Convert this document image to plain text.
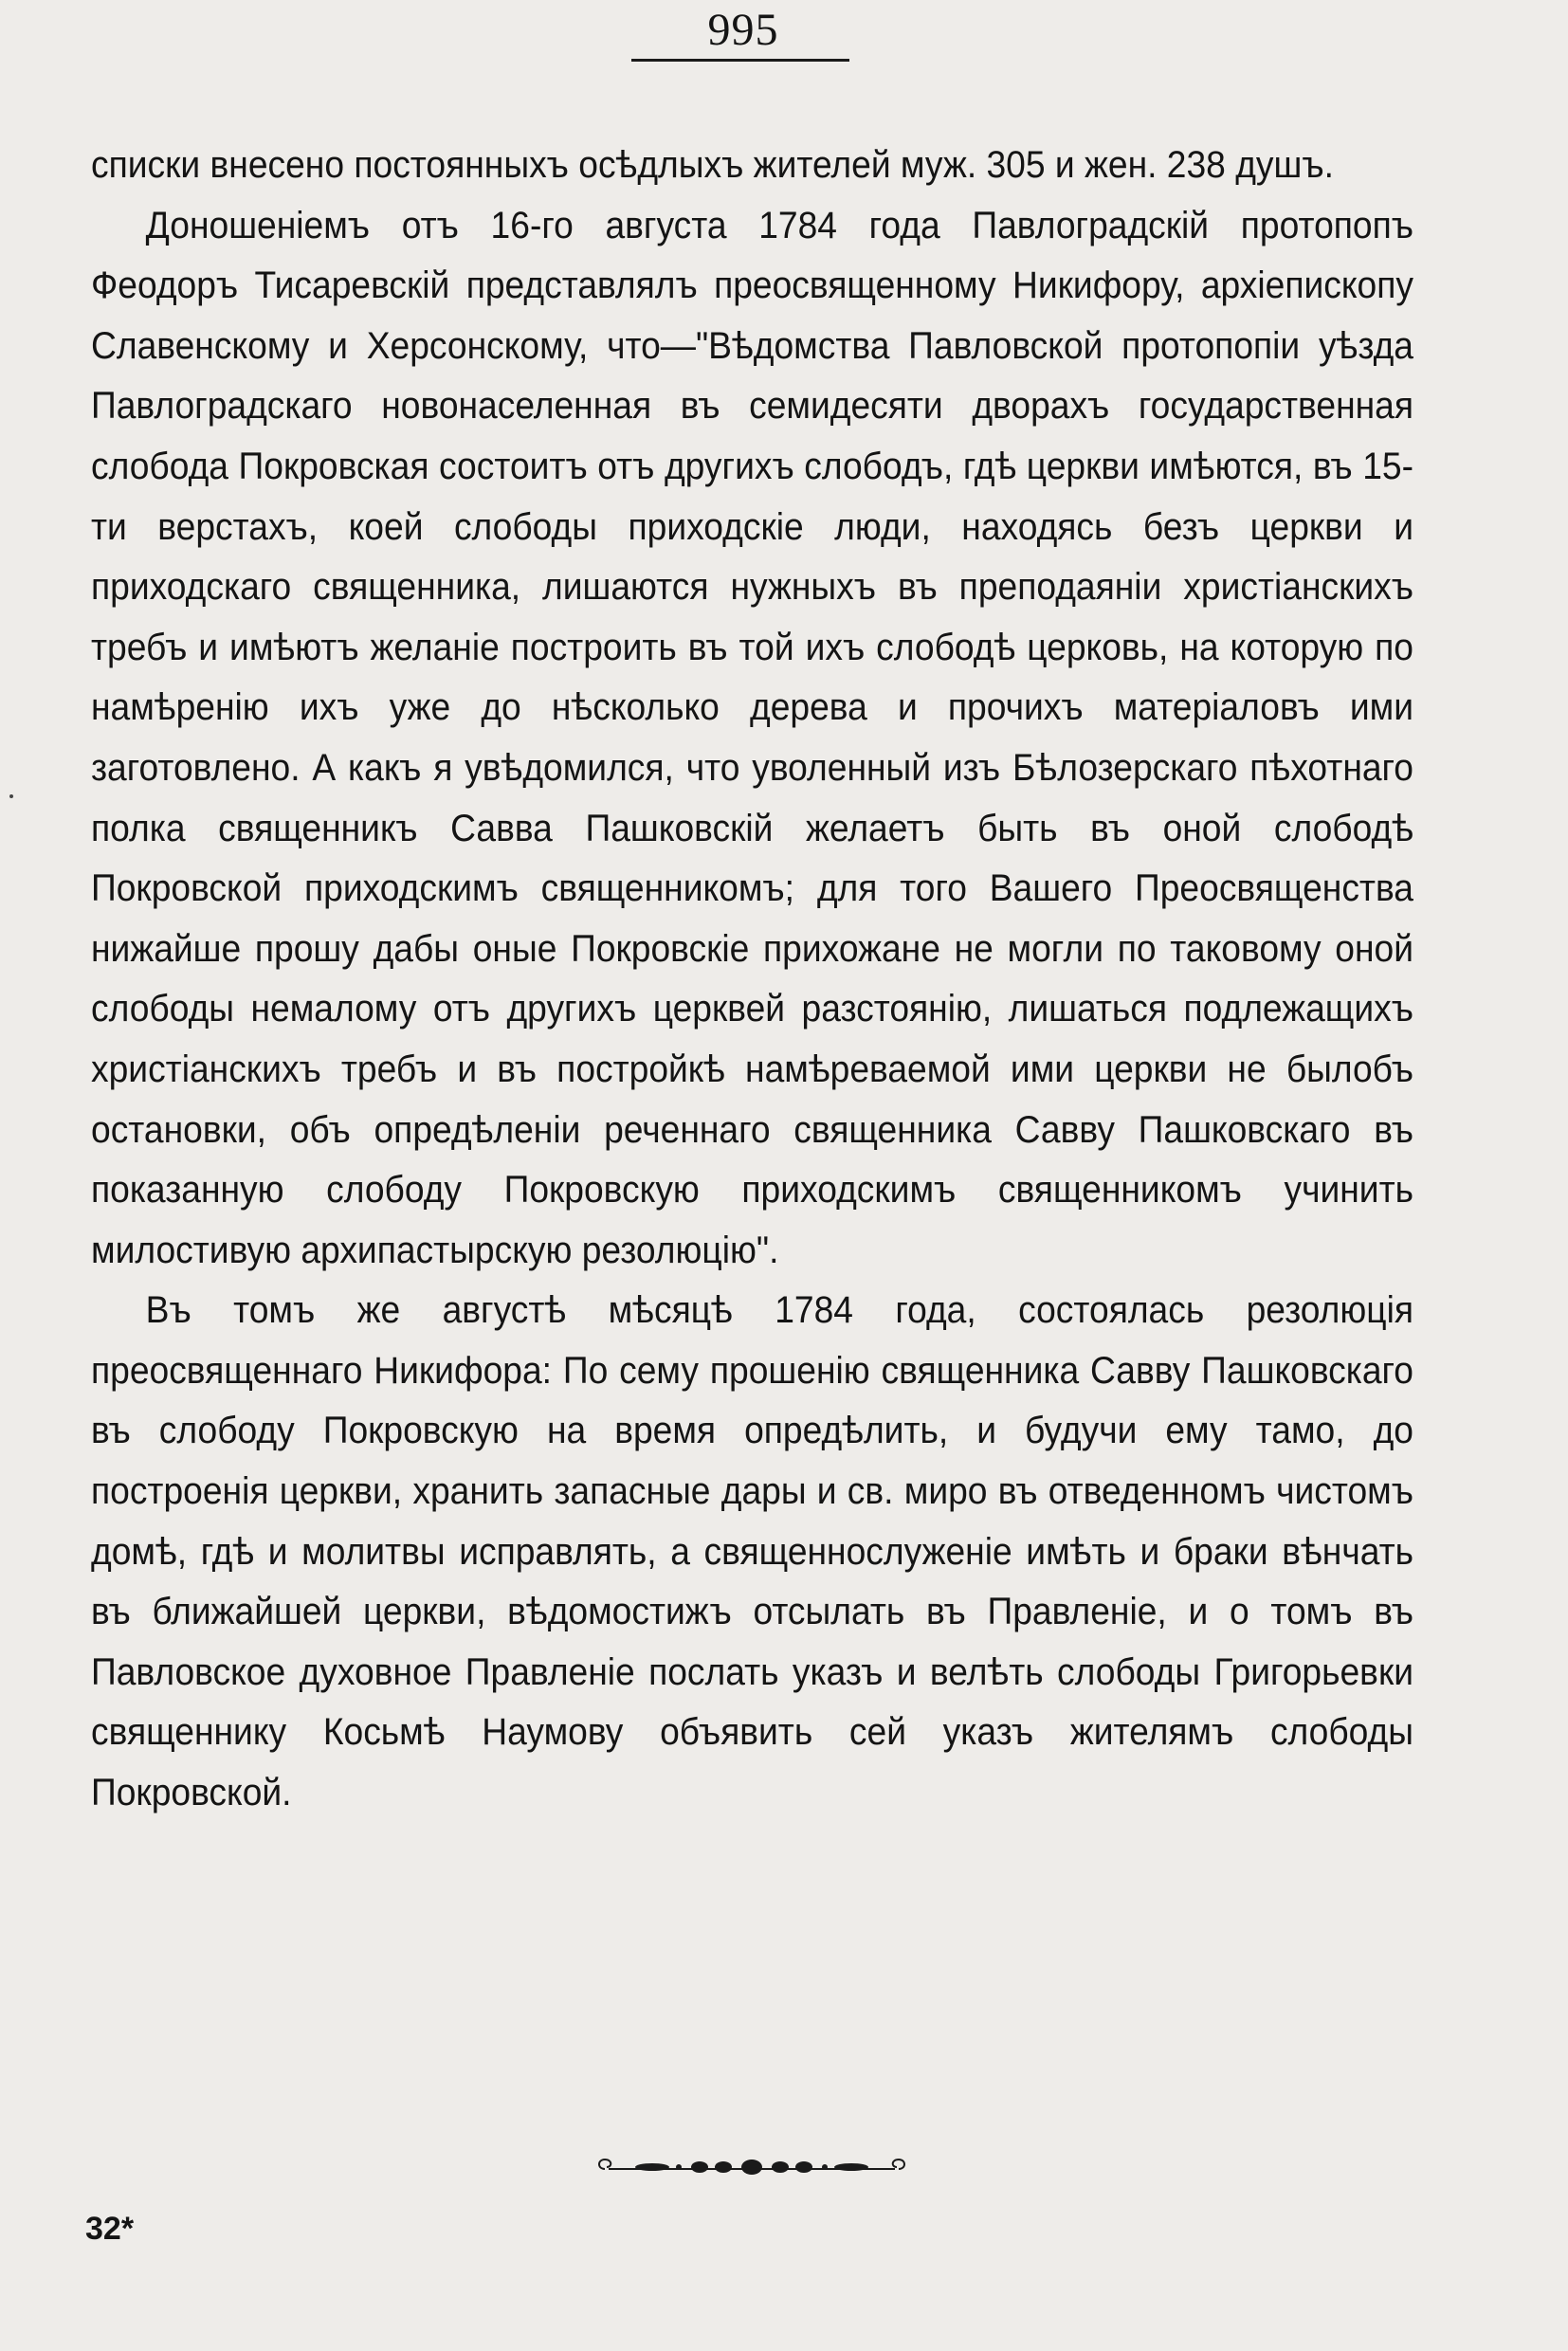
995

списки внесено постоянныхъ осѣдлыхъ жителей муж. 305 и жен. 238 душъ.

Доношеніемъ отъ 16-го августа 1784 года Павлоградскій протопопъ Феодоръ Тисаревскій представлялъ преосвященному Никифору, архіепископу Славенскому и Херсонскому, что—"Вѣдомства Павловской протопопіи уѣзда Павлоградскаго новонаселенная въ семидесяти дворахъ государственная слобода Покровская состоитъ отъ другихъ слободъ, гдѣ церкви имѣются, въ 15-ти верстахъ, коей слободы приходскіе люди, находясь безъ церкви и приходскаго священника, лишаются нужныхъ въ преподаяніи христіанскихъ требъ и имѣютъ желаніе построить въ той ихъ слободѣ церковь, на которую по намѣренію ихъ уже до нѣсколько дерева и прочихъ матеріаловъ ими заготовлено. А какъ я увѣдомился, что уволенный изъ Бѣлозерскаго пѣхотнаго полка священникъ Савва Пашковскій желаетъ быть въ оной слободѣ Покровской приходскимъ священникомъ; для того Вашего Преосвященства нижайше прошу дабы оные Покровскіе прихожане не могли по таковому оной слободы немалому отъ другихъ церквей разстоянію, лишаться подлежащихъ христіанскихъ требъ и въ постройкѣ намѣреваемой ими церкви не былобъ остановки, объ опредѣленіи реченнаго священника Савву Пашковскаго въ показанную слободу Покровскую приходскимъ священникомъ учинить милостивую архипастырскую резолюцію".

Въ томъ же августѣ мѣсяцѣ 1784 года, состоялась резолюція преосвященнаго Никифора: По сему прошенію священника Савву Пашковскаго въ слободу Покровскую на время опредѣлить, и будучи ему тамо, до построенія церкви, хранить запасные дары и св. миро въ отведенномъ чистомъ домѣ, гдѣ и молитвы исправлять, а священнослуженіе имѣть и браки вѣнчать въ ближайшей церкви, вѣдомостижъ отсылать въ Правленіе, и о томъ въ Павловское духовное Правленіе послать указъ и велѣть слободы Григорьевки священнику Косьмѣ Наумову объявить сей указъ жителямъ слободы Покровской.

32*
